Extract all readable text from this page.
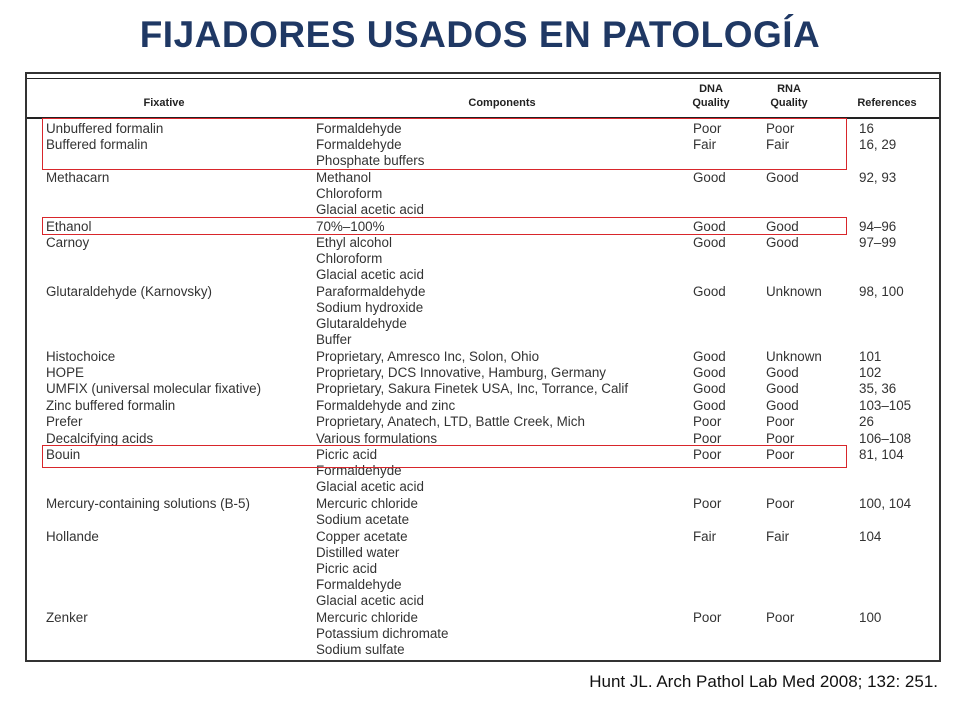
FIJADORES USADOS EN PATOLOGÍA
Fixative	Components
DNA
Quality
RNA
Quality	References
Unbuffered formalin	Formaldehyde	Poor	Poor	16
Buffered formalin	Formaldehyde
Phosphate buffers
Fair	Fair	16, 29
Methacarn	Methanol
Chloroform
Glacial acetic acid
Good	Good	92, 93
Ethanol	70%–100%	Good	Good	94–96
Carnoy	Ethyl alcohol
Chloroform
Glacial acetic acid
Good	Good	97–99
Glutaraldehyde (Karnovsky)	Paraformaldehyde
Sodium hydroxide
Glutaraldehyde
Buffer
Good	Unknown	98, 100
Histochoice	Proprietary, Amresco Inc, Solon, Ohio	Good	Unknown	101
HOPE	Proprietary, DCS Innovative, Hamburg, Germany	Good	Good	102
UMFIX (universal molecular fixative)	Proprietary, Sakura Finetek USA, Inc, Torrance, Calif	Good	Good	35, 36
Zinc buffered formalin	Formaldehyde and zinc	Good	Good	103–105
Prefer	Proprietary, Anatech, LTD, Battle Creek, Mich	Poor	Poor	26
Decalcifying acids	Various formulations	Poor	Poor	106–108
Bouin	Picric acid
Formaldehyde
Glacial acetic acid
Poor	Poor	81, 104
Mercury-containing solutions (B-5)	Mercuric chloride
Sodium acetate
Poor	Poor	100, 104
Hollande	Copper acetate
Distilled water
Picric acid
Formaldehyde
Glacial acetic acid
Fair	Fair	104
Zenker	Mercuric chloride
Potassium dichromate
Sodium sulfate
Poor	Poor	100
Hunt JL. Arch Pathol Lab Med 2008; 132: 251.
